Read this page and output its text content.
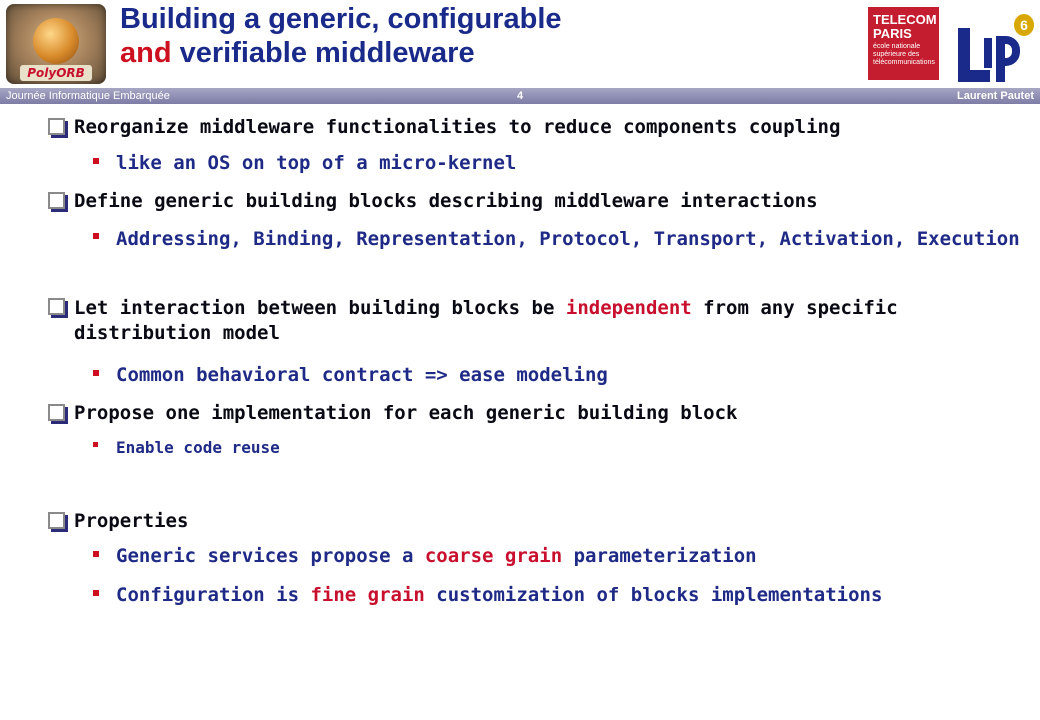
PolyORB
Building a generic, configurable
and verifiable middleware
TELECOM
PARIS
école nationale
supérieure des
télécommunications
6
Journée Informatique Embarquée	4	Laurent Pautet
Reorganize middleware functionalities to reduce components coupling
like an OS on top of a micro-kernel
Define generic building blocks describing middleware interactions
Addressing, Binding, Representation, Protocol, Transport, Activation, Execution
Let interaction between building blocks be independent from any specific distribution model
Common behavioral contract => ease modeling
Propose one implementation for each generic building block
Enable code reuse
Properties
Generic services propose a coarse grain parameterization
Configuration is fine grain customization of blocks implementations
